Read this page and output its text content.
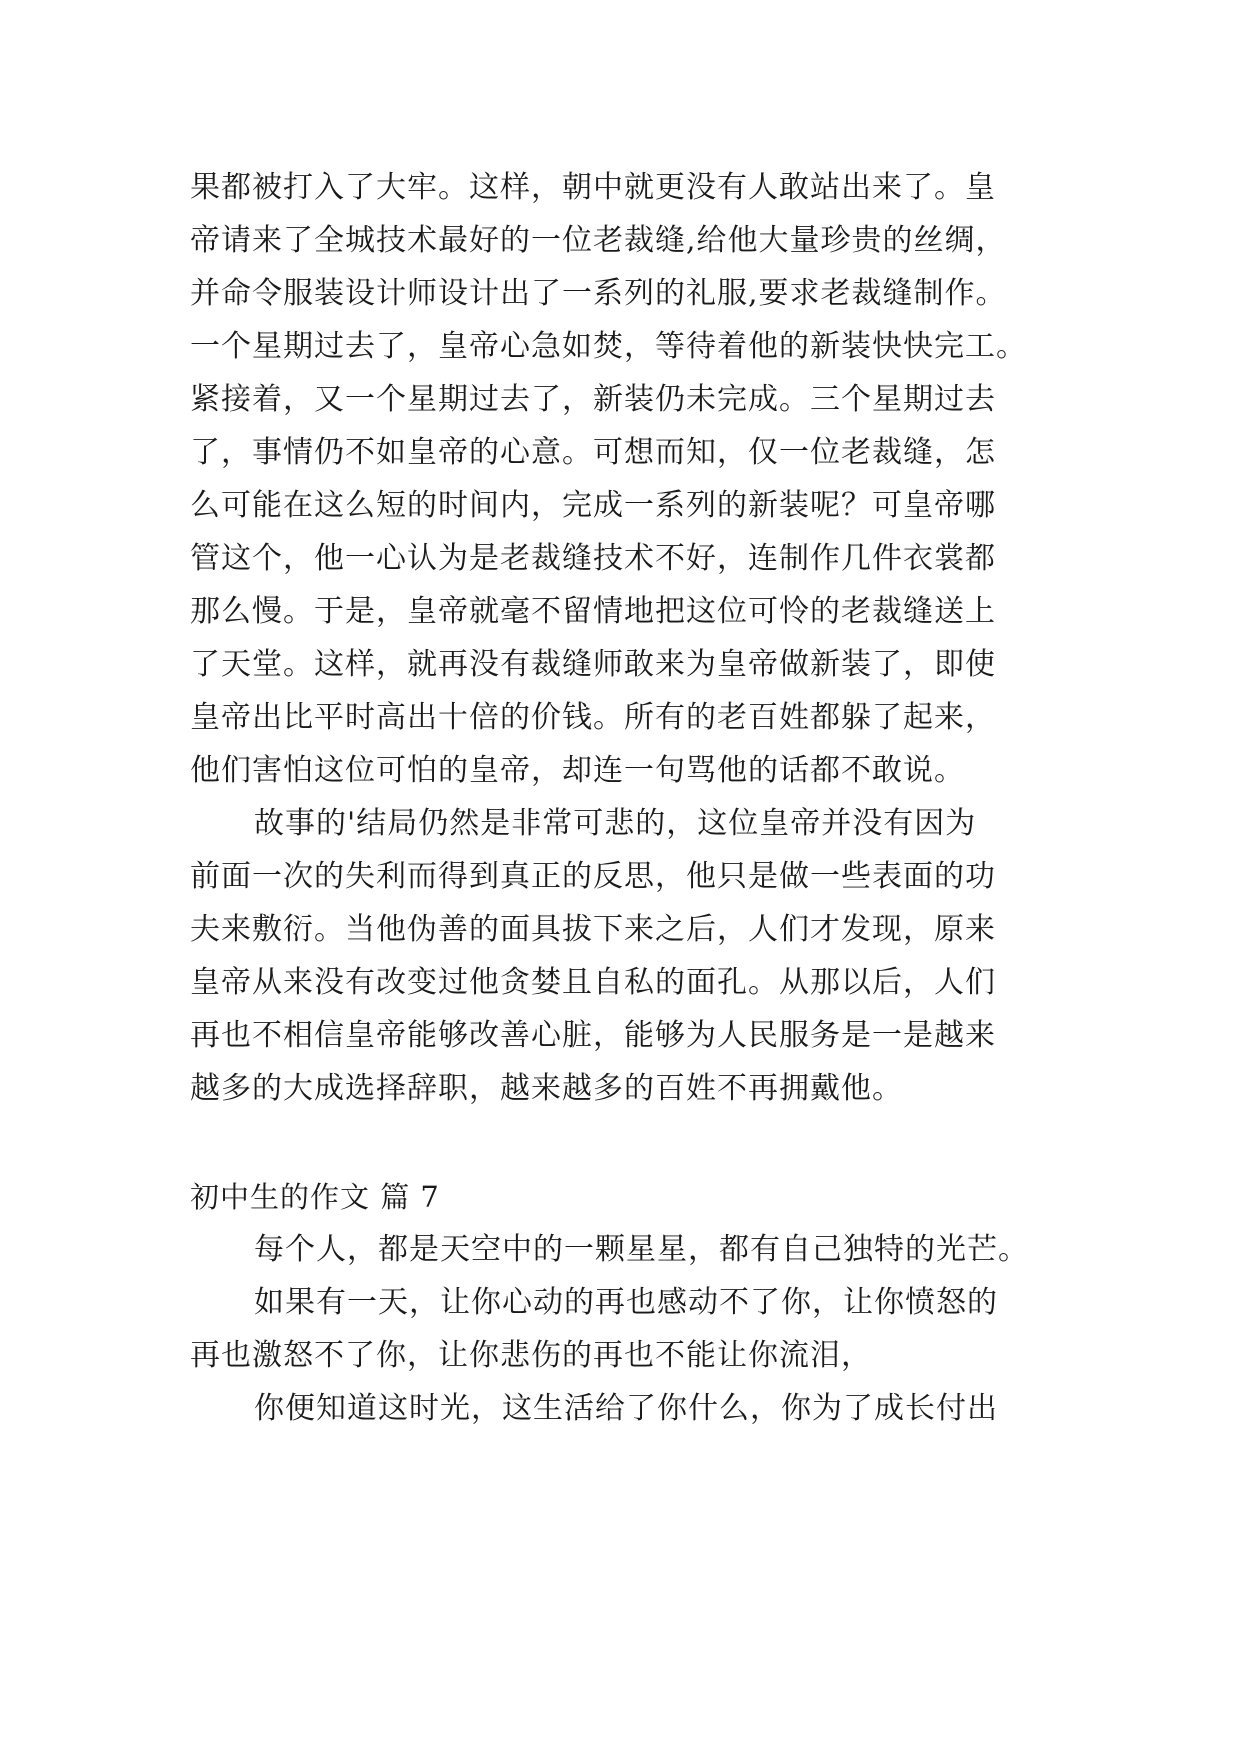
果都被打入了大牢。这样，朝中就更没有人敢站出来了。皇
帝请来了全城技术最好的一位老裁缝,给他大量珍贵的丝绸，
并命令服装设计师设计出了一系列的礼服,要求老裁缝制作。
一个星期过去了，皇帝心急如焚，等待着他的新装快快完工。
紧接着，又一个星期过去了，新装仍未完成。三个星期过去
了，事情仍不如皇帝的心意。可想而知，仅一位老裁缝，怎
么可能在这么短的时间内，完成一系列的新装呢？可皇帝哪
管这个，他一心认为是老裁缝技术不好，连制作几件衣裳都
那么慢。于是，皇帝就毫不留情地把这位可怜的老裁缝送上
了天堂。这样，就再没有裁缝师敢来为皇帝做新装了，即使
皇帝出比平时高出十倍的价钱。所有的老百姓都躲了起来，
他们害怕这位可怕的皇帝，却连一句骂他的话都不敢说。
故事的'结局仍然是非常可悲的，这位皇帝并没有因为
前面一次的失利而得到真正的反思，他只是做一些表面的功
夫来敷衍。当他伪善的面具拔下来之后，人们才发现，原来
皇帝从来没有改变过他贪婪且自私的面孔。从那以后，人们
再也不相信皇帝能够改善心脏，能够为人民服务是一是越来
越多的大成选择辞职，越来越多的百姓不再拥戴他。
初中生的作文 篇 7
每个人，都是天空中的一颗星星，都有自己独特的光芒。
如果有一天，让你心动的再也感动不了你，让你愤怒的
再也激怒不了你，让你悲伤的再也不能让你流泪，
你便知道这时光，这生活给了你什么，你为了成长付出
